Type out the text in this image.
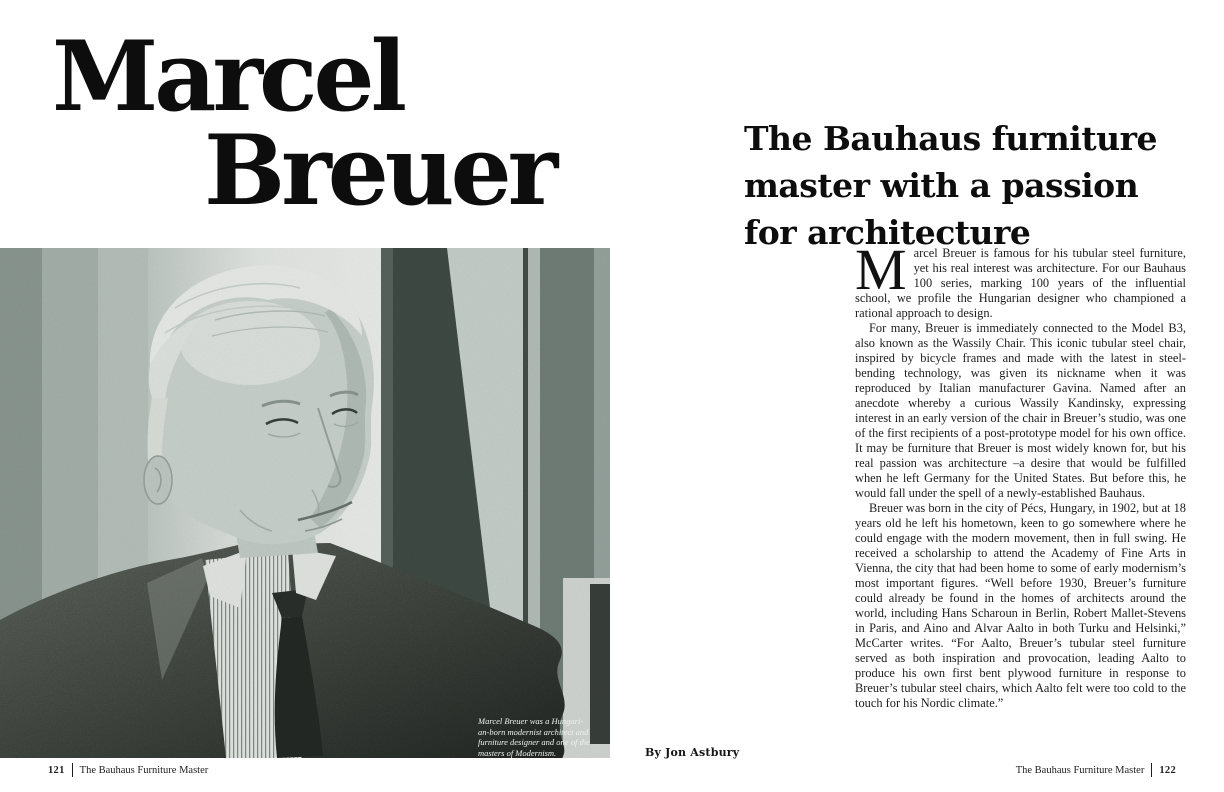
Marcel
Breuer
Marcel Breuer was a Hungari-
an-born modernist architect and
furniture designer and one of the
masters of Modernism.
121 The Bauhaus Furniture Master
The Bauhaus furniture
master with a passion
for architecture

Marcel Breuer is famous for his tubular steel furniture, yet his real interest was architecture. For our Bauhaus 100 series, marking 100 years of the influential school, we profile the Hungarian designer who championed a rational approach to design.

For many, Breuer is immediately connected to the Model B3, also known as the Wassily Chair. This iconic tubular steel chair, inspired by bicycle frames and made with the latest in steel-bending technology, was given its nickname when it was reproduced by Italian manufacturer Gavina. Named after an anecdote whereby a curious Wassily Kandinsky, expressing interest in an early version of the chair in Breuer’s studio, was one of the first recipients of a post-prototype model for his own office. It may be furniture that Breuer is most widely known for, but his real passion was architecture –a desire that would be fulfilled when he left Germany for the United States. But before this, he would fall under the spell of a newly-established Bauhaus.

Breuer was born in the city of Pécs, Hungary, in 1902, but at 18 years old he left his hometown, keen to go somewhere where he could engage with the modern movement, then in full swing. He received a scholarship to attend the Academy of Fine Arts in Vienna, the city that had been home to some of early modernism’s most important figures. “Well before 1930, Breuer’s furniture could already be found in the homes of architects around the world, including Hans Scharoun in Berlin, Robert Mallet-Stevens in Paris, and Aino and Alvar Aalto in both Turku and Helsinki,” McCarter writes. “For Aalto, Breuer’s tubular steel furniture served as both inspiration and provocation, leading Aalto to produce his own first bent plywood furniture in response to Breuer’s tubular steel chairs, which Aalto felt were too cold to the touch for his Nordic climate.”

By Jon Astbury
The Bauhaus Furniture Master 122
